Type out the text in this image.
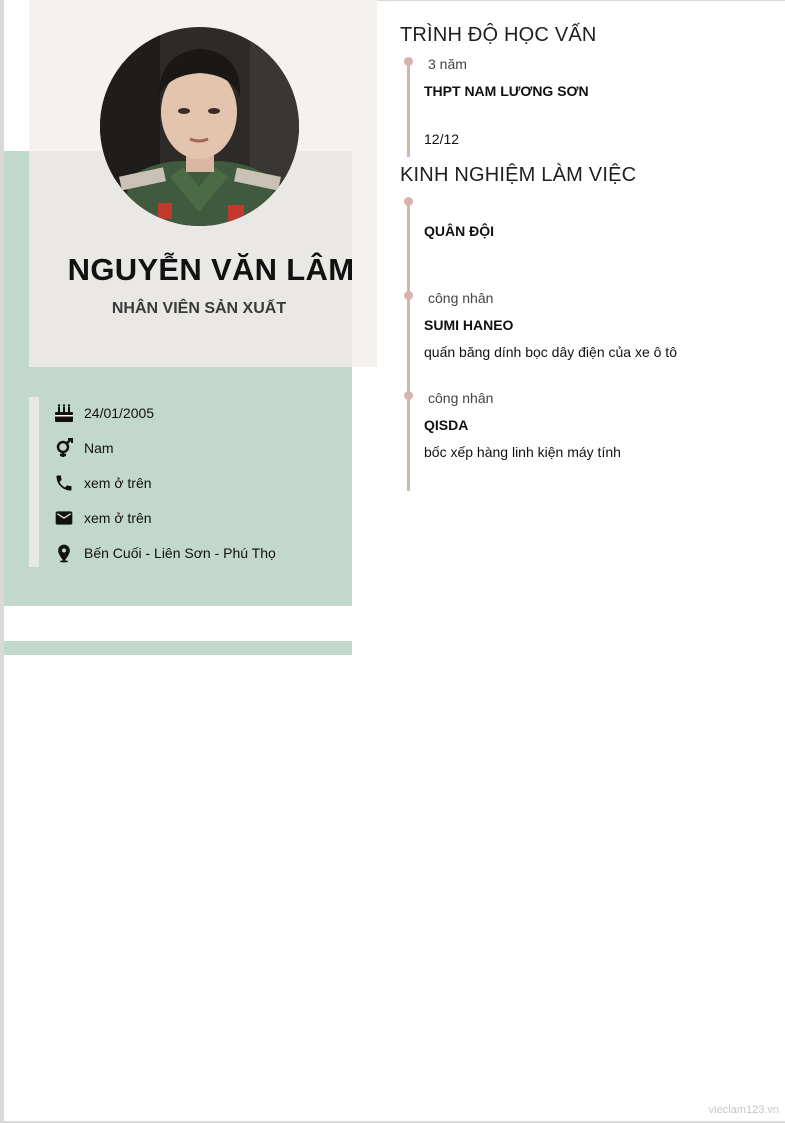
NGUYỄN VĂN LÂM
NHÂN VIÊN SẢN XUẤT
24/01/2005
Nam
xem ở trên
xem ở trên
Bến Cuối - Liên Sơn - Phú Thọ
TRÌNH ĐỘ HỌC VẤN
3 năm
THPT NAM LƯƠNG SƠN
12/12
KINH NGHIỆM LÀM VIỆC
QUÂN ĐỘI
công nhân
SUMI HANEO
quấn băng dính bọc dây điện của xe ô tô
công nhân
QISDA
bốc xếp hàng linh kiện máy tính
vieclam123.vn
